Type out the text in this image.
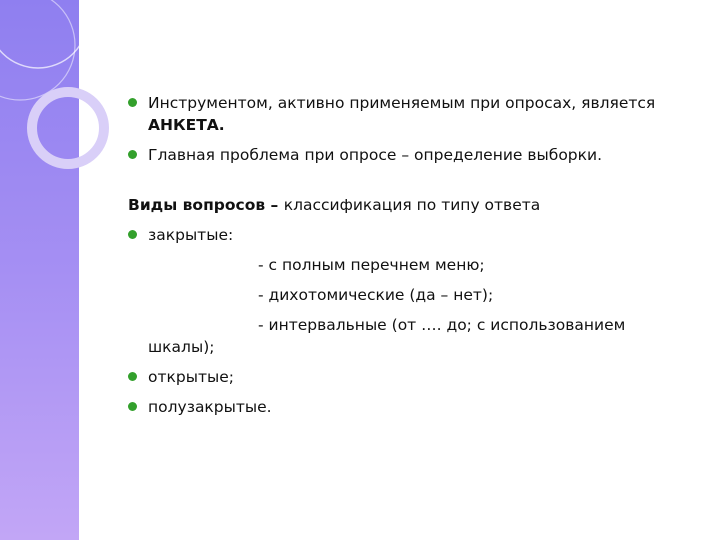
Инструментом, активно применяемым при опросах, является АНКЕТА.
Главная проблема при опросе – определение выборки.
Виды вопросов – классификация по типу ответа
закрытые:
- с полным перечнем меню;
- дихотомические (да – нет);
- интервальные (от …. до; с использованием
шкалы);
открытые;
полузакрытые.
